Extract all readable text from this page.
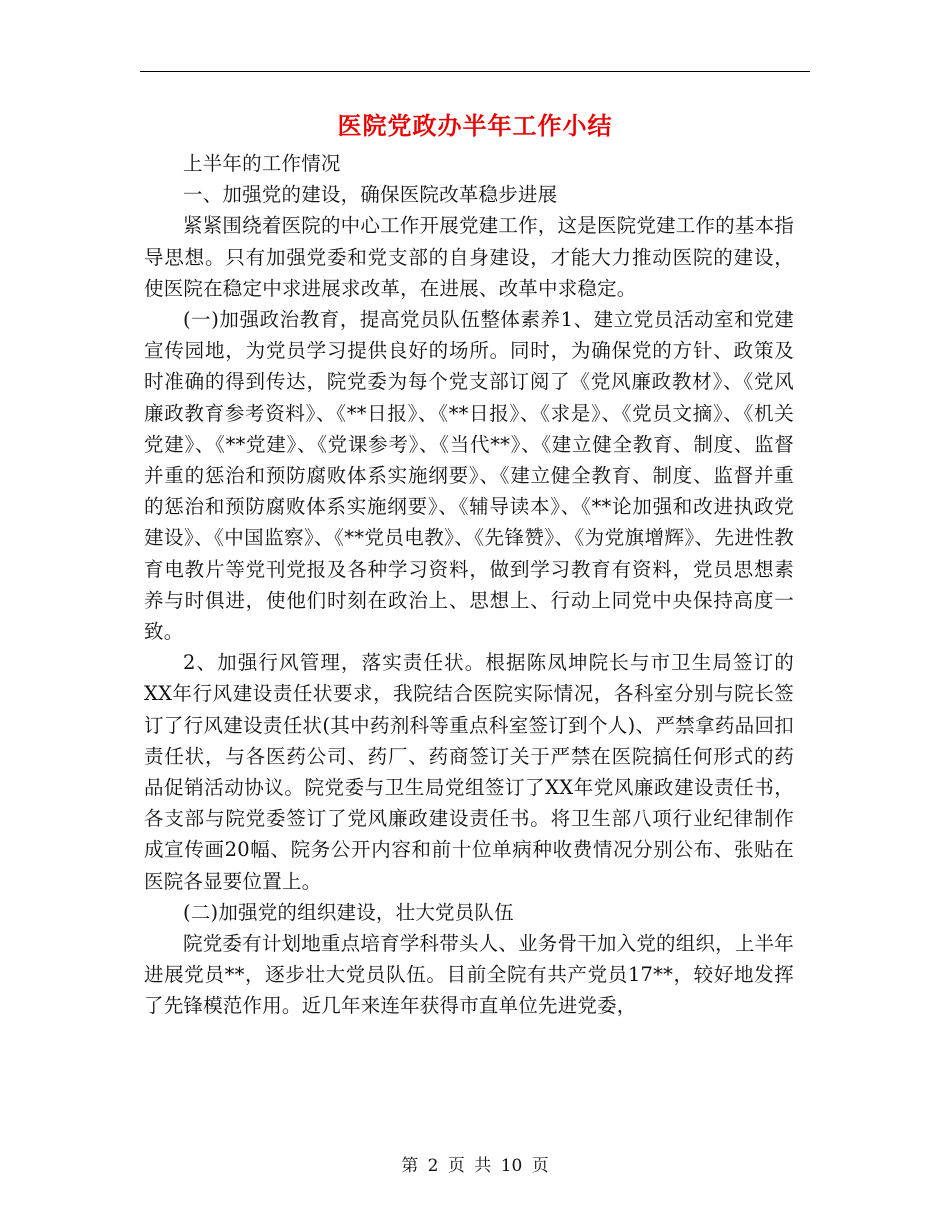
医院党政办半年工作小结

上半年的工作情况

一、加强党的建设，确保医院改革稳步进展

紧紧围绕着医院的中心工作开展党建工作，这是医院党建工作的基本指导思想。只有加强党委和党支部的自身建设，才能大力推动医院的建设，使医院在稳定中求进展求改革，在进展、改革中求稳定。

(一)加强政治教育，提高党员队伍整体素养1、建立党员活动室和党建宣传园地，为党员学习提供良好的场所。同时，为确保党的方针、政策及时准确的得到传达，院党委为每个党支部订阅了《党风廉政教材》、《党风廉政教育参考资料》、《**日报》、《**日报》、《求是》、《党员文摘》、《机关党建》、《**党建》、《党课参考》、《当代**》、《建立健全教育、制度、监督并重的惩治和预防腐败体系实施纲要》、《建立健全教育、制度、监督并重的惩治和预防腐败体系实施纲要》、《辅导读本》、《**论加强和改进执政党建设》、《中国监察》、《**党员电教》、《先锋赞》、《为党旗增辉》、先进性教育电教片等党刊党报及各种学习资料，做到学习教育有资料，党员思想素养与时俱进，使他们时刻在政治上、思想上、行动上同党中央保持高度一致。

2、加强行风管理，落实责任状。根据陈凤坤院长与市卫生局签订的XX年行风建设责任状要求，我院结合医院实际情况，各科室分别与院长签订了行风建设责任状(其中药剂科等重点科室签订到个人)、严禁拿药品回扣责任状，与各医药公司、药厂、药商签订关于严禁在医院搞任何形式的药品促销活动协议。院党委与卫生局党组签订了XX年党风廉政建设责任书，各支部与院党委签订了党风廉政建设责任书。将卫生部八项行业纪律制作成宣传画20幅、院务公开内容和前十位单病种收费情况分别公布、张贴在医院各显要位置上。

(二)加强党的组织建设，壮大党员队伍

院党委有计划地重点培育学科带头人、业务骨干加入党的组织，上半年进展党员**，逐步壮大党员队伍。目前全院有共产党员17**，较好地发挥了先锋模范作用。近几年来连年获得市直单位先进党委，

第 2 页 共 10 页
